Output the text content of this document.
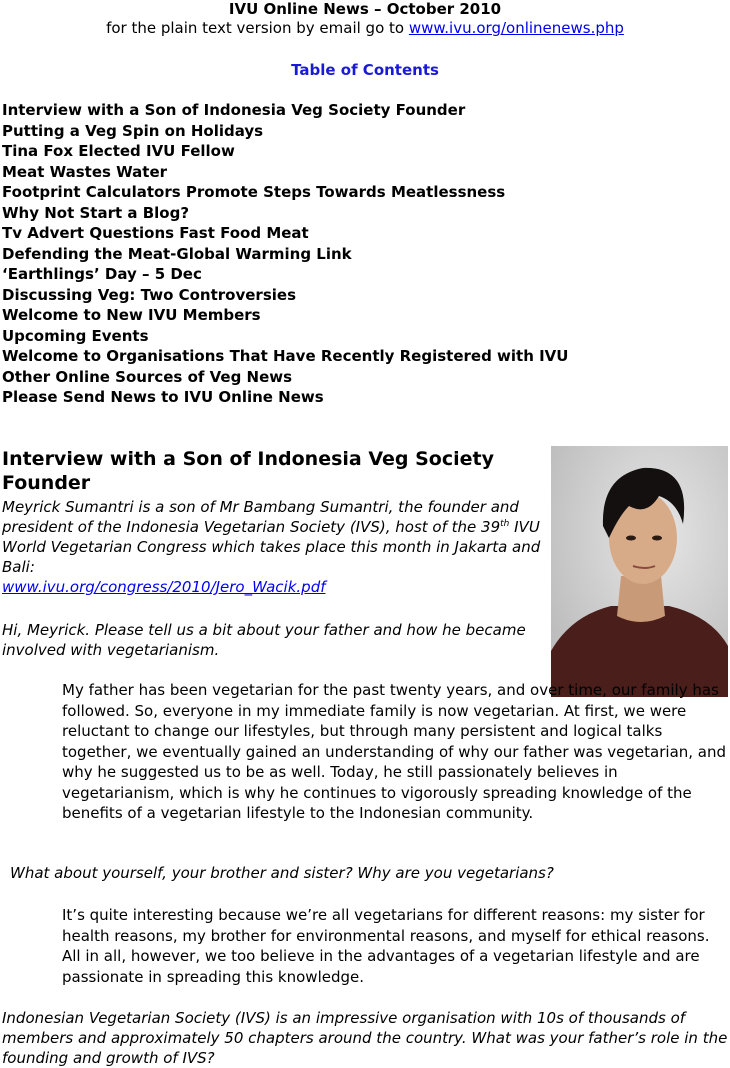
IVU Online News – October 2010
for the plain text version by email go to www.ivu.org/onlinenews.php
Table of Contents
Interview with a Son of Indonesia Veg Society Founder
Putting a Veg Spin on Holidays
Tina Fox Elected IVU Fellow
Meat Wastes Water
Footprint Calculators Promote Steps Towards Meatlessness
Why Not Start a Blog?
Tv Advert Questions Fast Food Meat
Defending the Meat-Global Warming Link
‘Earthlings’ Day – 5 Dec
Discussing Veg: Two Controversies
Welcome to New IVU Members
Upcoming Events
Welcome to Organisations That Have Recently Registered with IVU
Other Online Sources of Veg News
Please Send News to IVU Online News
Interview with a Son of Indonesia Veg Society Founder

Meyrick Sumantri is a son of Mr Bambang Sumantri, the founder and president of the Indonesia Vegetarian Society (IVS), host of the 39th IVU World Vegetarian Congress which takes place this month in Jakarta and Bali:
www.ivu.org/congress/2010/Jero_Wacik.pdf

Hi, Meyrick. Please tell us a bit about your father and how he became involved with vegetarianism.

My father has been vegetarian for the past twenty years, and over time, our family has followed. So, everyone in my immediate family is now vegetarian. At first, we were reluctant to change our lifestyles, but through many persistent and logical talks together, we eventually gained an understanding of why our father was vegetarian, and why he suggested us to be as well. Today, he still passionately believes in vegetarianism, which is why he continues to vigorously spreading knowledge of the benefits of a vegetarian lifestyle to the Indonesian community.

What about yourself, your brother and sister? Why are you vegetarians?

It’s quite interesting because we’re all vegetarians for different reasons: my sister for health reasons, my brother for environmental reasons, and myself for ethical reasons. All in all, however, we too believe in the advantages of a vegetarian lifestyle and are passionate in spreading this knowledge.

Indonesian Vegetarian Society (IVS) is an impressive organisation with 10s of thousands of members and approximately 50 chapters around the country. What was your father’s role in the founding and growth of IVS?
